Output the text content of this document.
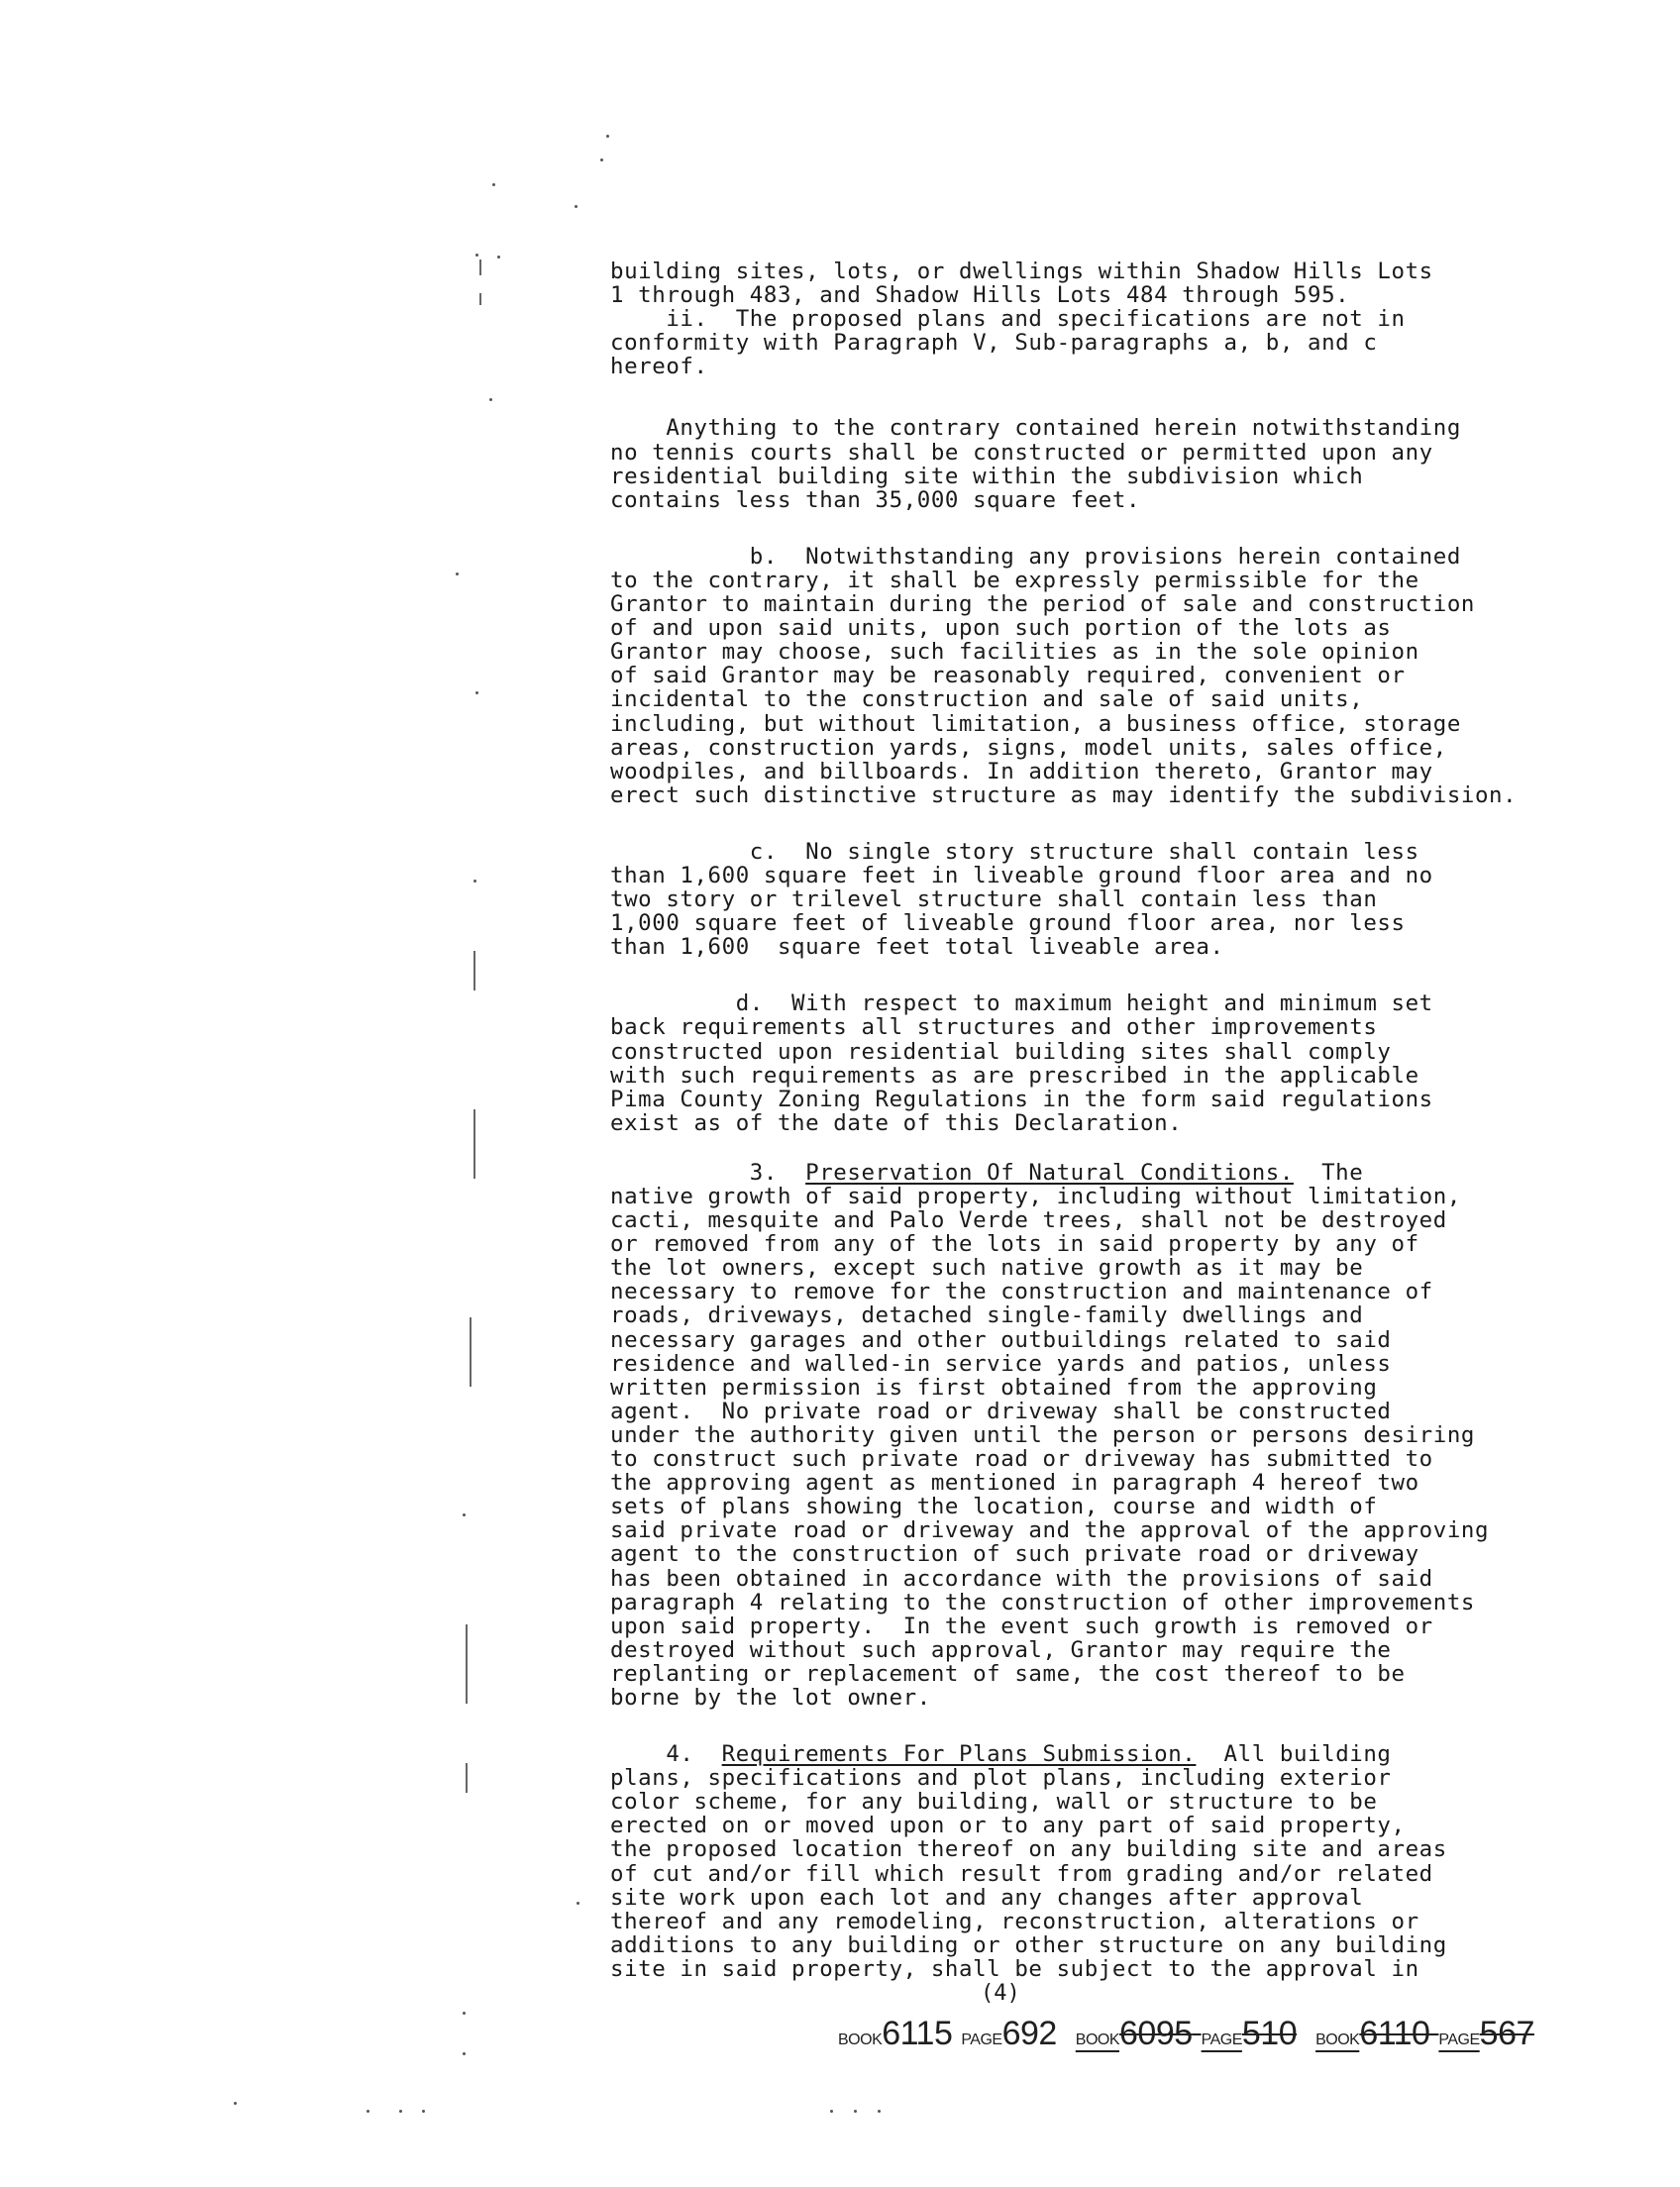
building sites, lots, or dwellings within Shadow Hills Lots
1 through 483, and Shadow Hills Lots 484 through 595.
ii.  The proposed plans and specifications are not in
conformity with Paragraph V, Sub-paragraphs a, b, and c
hereof.
Anything to the contrary contained herein notwithstanding
no tennis courts shall be constructed or permitted upon any
residential building site within the subdivision which
contains less than 35,000 square feet.
b.  Notwithstanding any provisions herein contained
to the contrary, it shall be expressly permissible for the
Grantor to maintain during the period of sale and construction
of and upon said units, upon such portion of the lots as
Grantor may choose, such facilities as in the sole opinion
of said Grantor may be reasonably required, convenient or
incidental to the construction and sale of said units,
including, but without limitation, a business office, storage
areas, construction yards, signs, model units, sales office,
woodpiles, and billboards. In addition thereto, Grantor may
erect such distinctive structure as may identify the subdivision.
c.  No single story structure shall contain less
than 1,600 square feet in liveable ground floor area and no
two story or trilevel structure shall contain less than
1,000 square feet of liveable ground floor area, nor less
than 1,600  square feet total liveable area.
d.  With respect to maximum height and minimum set
back requirements all structures and other improvements
constructed upon residential building sites shall comply
with such requirements as are prescribed in the applicable
Pima County Zoning Regulations in the form said regulations
exist as of the date of this Declaration.
3.  Preservation Of Natural Conditions.  The
native growth of said property, including without limitation,
cacti, mesquite and Palo Verde trees, shall not be destroyed
or removed from any of the lots in said property by any of
the lot owners, except such native growth as it may be
necessary to remove for the construction and maintenance of
roads, driveways, detached single-family dwellings and
necessary garages and other outbuildings related to said
residence and walled-in service yards and patios, unless
written permission is first obtained from the approving
agent.  No private road or driveway shall be constructed
under the authority given until the person or persons desiring
to construct such private road or driveway has submitted to
the approving agent as mentioned in paragraph 4 hereof two
sets of plans showing the location, course and width of
said private road or driveway and the approval of the approving
agent to the construction of such private road or driveway
has been obtained in accordance with the provisions of said
paragraph 4 relating to the construction of other improvements
upon said property.  In the event such growth is removed or
destroyed without such approval, Grantor may require the
replanting or replacement of same, the cost thereof to be
borne by the lot owner.
4.  Requirements For Plans Submission.  All building
plans, specifications and plot plans, including exterior
color scheme, for any building, wall or structure to be
erected on or moved upon or to any part of said property,
the proposed location thereof on any building site and areas
of cut and/or fill which result from grading and/or related
site work upon each lot and any changes after approval
thereof and any remodeling, reconstruction, alterations or
additions to any building or other structure on any building
site in said property, shall be subject to the approval in
(4)
BOOK6115 PAGE692 BOOK6095 PAGE510 BOOK6110 PAGE567
